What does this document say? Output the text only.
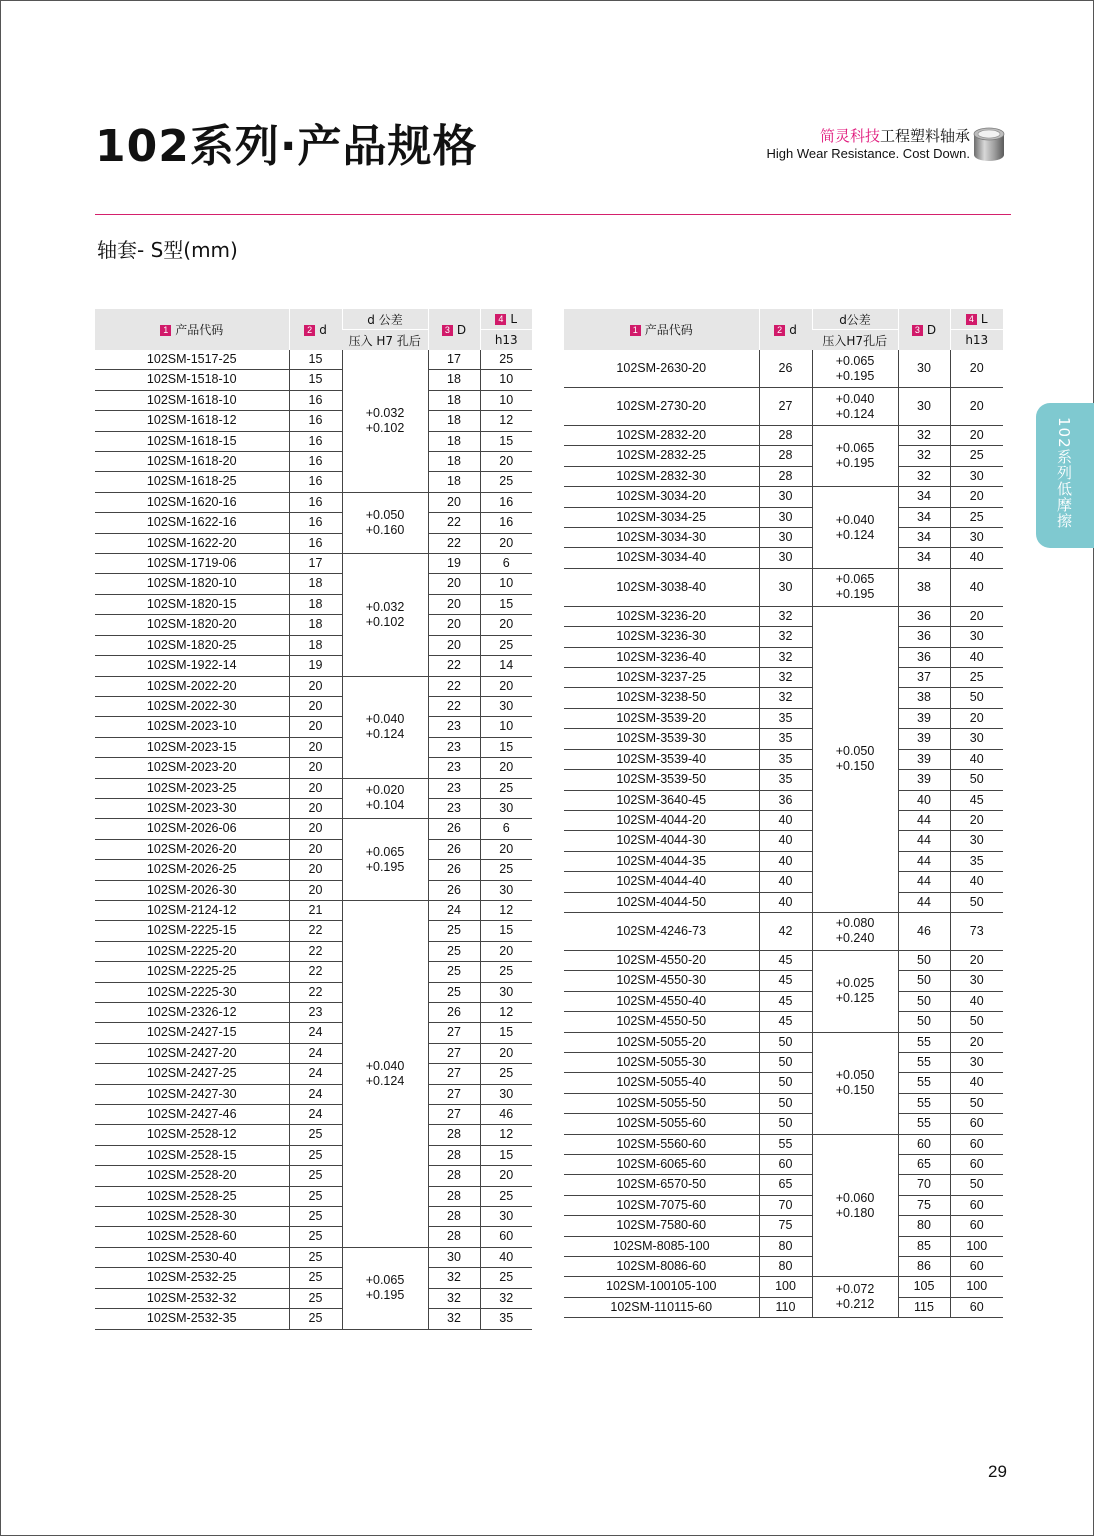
102系列·产品规格	简灵科技工程塑料轴承
High Wear Resistance. Cost Down.
轴套- S型(mm)
102系列低摩擦
1 产品代码	2 d	d 公差	3 D	4 L
		压入 H7 孔后		h13
102SM-1517-25	15	+0.032
+0.102	17	25
102SM-1518-10	15		18	10
102SM-1618-10	16		18	10
102SM-1618-12	16		18	12
102SM-1618-15	16		18	15
102SM-1618-20	16		18	20
102SM-1618-25	16		18	25
102SM-1620-16	16	+0.050
+0.160	20	16
102SM-1622-16	16		22	16
102SM-1622-20	16		22	20
102SM-1719-06	17	+0.032
+0.102	19	6
102SM-1820-10	18		20	10
102SM-1820-15	18		20	15
102SM-1820-20	18		20	20
102SM-1820-25	18		20	25
102SM-1922-14	19		22	14
102SM-2022-20	20	+0.040
+0.124	22	20
102SM-2022-30	20		22	30
102SM-2023-10	20		23	10
102SM-2023-15	20		23	15
102SM-2023-20	20		23	20
102SM-2023-25	20	+0.020
+0.104	23	25
102SM-2023-30	20		23	30
102SM-2026-06	20	+0.065
+0.195	26	6
102SM-2026-20	20		26	20
102SM-2026-25	20		26	25
102SM-2026-30	20		26	30
102SM-2124-12	21	+0.040
+0.124	24	12
102SM-2225-15	22		25	15
102SM-2225-20	22		25	20
102SM-2225-25	22		25	25
102SM-2225-30	22		25	30
102SM-2326-12	23		26	12
102SM-2427-15	24		27	15
102SM-2427-20	24		27	20
102SM-2427-25	24		27	25
102SM-2427-30	24		27	30
102SM-2427-46	24		27	46
102SM-2528-12	25		28	12
102SM-2528-15	25		28	15
102SM-2528-20	25		28	20
102SM-2528-25	25		28	25
102SM-2528-30	25		28	30
102SM-2528-60	25		28	60
102SM-2530-40	25	+0.065
+0.195	30	40
102SM-2532-25	25		32	25
102SM-2532-32	25		32	32
102SM-2532-35	25		32	35
1 产品代码	2 d	d公差	3 D	4 L
		压入H7孔后		h13
102SM-2630-20	26	+0.065
+0.195	30	20
102SM-2730-20	27	+0.040
+0.124	30	20
102SM-2832-20	28	+0.065
+0.195	32	20
102SM-2832-25	28		32	25
102SM-2832-30	28		32	30
102SM-3034-20	30	+0.040
+0.124	34	20
102SM-3034-25	30		34	25
102SM-3034-30	30		34	30
102SM-3034-40	30		34	40
102SM-3038-40	30	+0.065
+0.195	38	40
102SM-3236-20	32	+0.050
+0.150	36	20
102SM-3236-30	32		36	30
102SM-3236-40	32		36	40
102SM-3237-25	32		37	25
102SM-3238-50	32		38	50
102SM-3539-20	35		39	20
102SM-3539-30	35		39	30
102SM-3539-40	35		39	40
102SM-3539-50	35		39	50
102SM-3640-45	36		40	45
102SM-4044-20	40		44	20
102SM-4044-30	40		44	30
102SM-4044-35	40		44	35
102SM-4044-40	40		44	40
102SM-4044-50	40		44	50
102SM-4246-73	42	+0.080
+0.240	46	73
102SM-4550-20	45	+0.025
+0.125	50	20
102SM-4550-30	45		50	30
102SM-4550-40	45		50	40
102SM-4550-50	45		50	50
102SM-5055-20	50	+0.050
+0.150	55	20
102SM-5055-30	50		55	30
102SM-5055-40	50		55	40
102SM-5055-50	50		55	50
102SM-5055-60	50		55	60
102SM-5560-60	55	+0.060
+0.180	60	60
102SM-6065-60	60		65	60
102SM-6570-50	65		70	50
102SM-7075-60	70		75	60
102SM-7580-60	75		80	60
102SM-8085-100	80		85	100
102SM-8086-60	80		86	60
102SM-100105-100	100	+0.072
+0.212	105	100
102SM-110115-60	110		115	60
29
